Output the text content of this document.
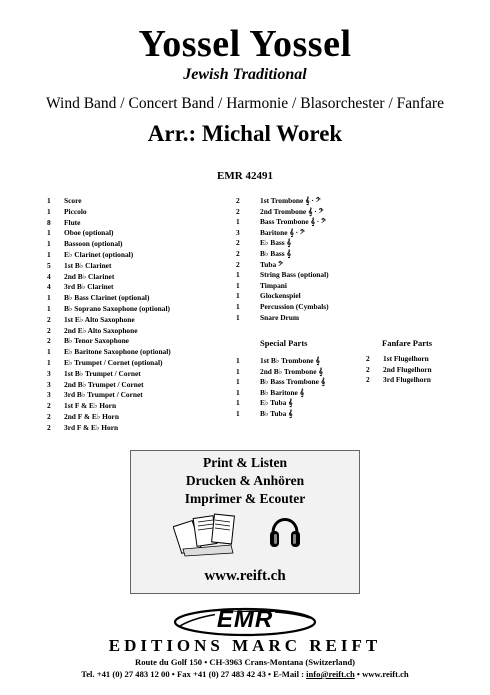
Yossel Yossel
Jewish Traditional
Wind Band / Concert Band / Harmonie / Blasorchester / Fanfare
Arr.: Michal Worek
EMR 42491
1	Score
1	Piccolo
8	Flute
1	Oboe (optional)
1	Bassoon (optional)
1	E♭ Clarinet (optional)
5	1st B♭ Clarinet
4	2nd B♭ Clarinet
4	3rd B♭ Clarinet
1	B♭ Bass Clarinet (optional)
1	B♭ Soprano Saxophone (optional)
2	1st E♭ Alto Saxophone
2	2nd E♭ Alto Saxophone
2	B♭ Tenor Saxophone
1	E♭ Baritone Saxophone (optional)
1	E♭ Trumpet / Cornet (optional)
3	1st B♭ Trumpet / Cornet
3	2nd B♭ Trumpet / Cornet
3	3rd B♭ Trumpet / Cornet
2	1st F & E♭ Horn
2	2nd F & E♭ Horn
2	3rd F & E♭ Horn
2	1st Trombone 𝄞 · 𝄢
2	2nd Trombone 𝄞 · 𝄢
1	Bass Trombone 𝄞 · 𝄢
3	Baritone 𝄞 · 𝄢
2	E♭ Bass 𝄞
2	B♭ Bass 𝄞
2	Tuba 𝄢
1	String Bass (optional)
1	Timpani
1	Glockenspiel
1	Percussion (Cymbals)
1	Snare Drum
Special Parts	Fanfare Parts
1	1st B♭ Trombone 𝄞
1	2nd B♭ Trombone 𝄞
1	B♭ Bass Trombone 𝄞
1	B♭ Baritone 𝄞
1	E♭ Tuba 𝄞
1	B♭ Tuba 𝄞
2	1st Flugelhorn
2	2nd Flugelhorn
2	3rd Flugelhorn
Print & Listen
Drucken & Anhören
Imprimer & Ecouter
www.reift.ch
EMR
EDITIONS MARC REIFT
Route du Golf 150 • CH-3963 Crans-Montana (Switzerland)
Tel. +41 (0) 27 483 12 00 • Fax +41 (0) 27 483 42 43 • E-Mail : info@reift.ch • www.reift.ch
